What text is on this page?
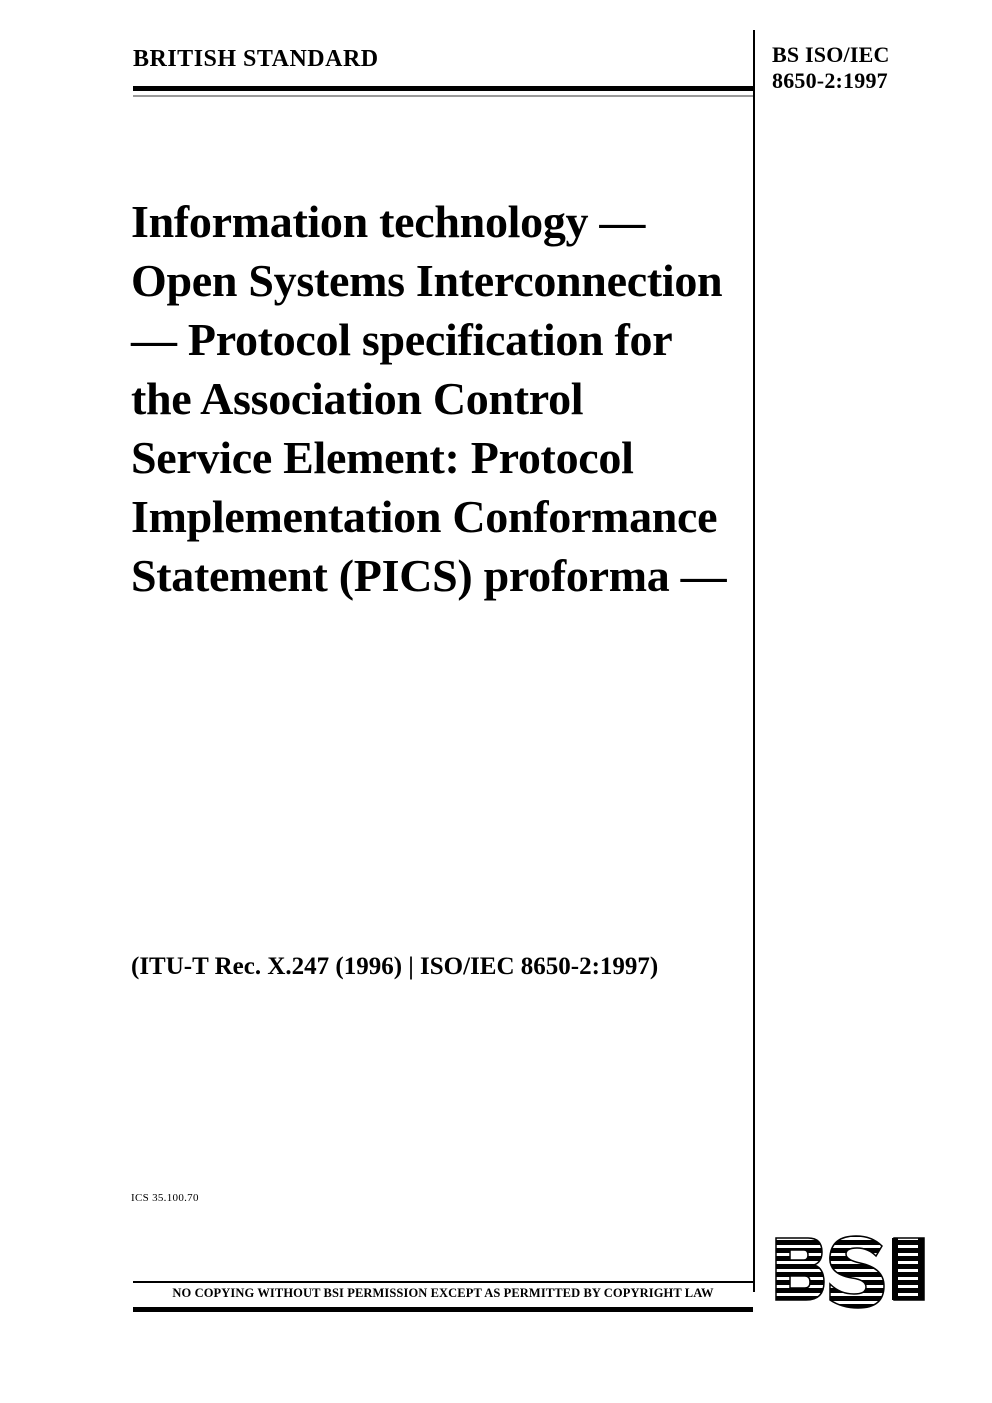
BRITISH STANDARD	BS ISO/IEC
8650-2:1997
Information technology — Open Systems Interconnection — Protocol specification for the Association Control Service Element: Protocol Implementation Conformance Statement (PICS) proforma —
(ITU-T Rec. X.247 (1996) | ISO/IEC 8650-2:1997)
ICS 35.100.70
NO COPYING WITHOUT BSI PERMISSION EXCEPT AS PERMITTED BY COPYRIGHT LAW
